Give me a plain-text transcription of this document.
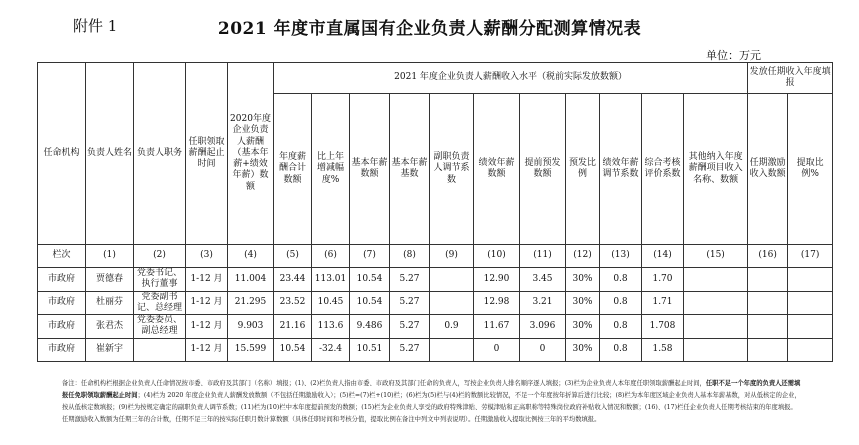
附件 1	2021 年度市直属国有企业负责人薪酬分配测算情况表
单位：万元
任命机构	负责人姓名	负责人职务	任职领取薪酬起止时间	2020年度企业负责人薪酬（基本年薪+绩效年薪）数额	2021 年度企业负责人薪酬收入水平（税前实际发放数额）											发放任期收入年度填报	
					年度薪酬合计数额	比上年增减幅度%	基本年薪数额	基本年薪基数	副职负责人调节系数	绩效年薪数额	提前预发数额	预发比例	绩效年薪调节系数	综合考核评价系数	其他纳入年度薪酬项目收入名称、数额	任期激励收入数额	提取比例%
栏次	(1)	(2)	(3)	(4)	(5)	(6)	(7)	(8)	(9)	(10)	(11)	(12)	(13)	(14)	(15)	(16)	(17)
市政府	贾德春	党委书记、执行董事	1-12 月	11.004	23.44	113.01	10.54	5.27		12.90	3.45	30%	0.8	1.70			
市政府	杜丽芬	党委副书记、总经理	1-12 月	21.295	23.52	10.45	10.54	5.27		12.98	3.21	30%	0.8	1.71			
市政府	张君杰	党委委员、副总经理	1-12 月	9.903	21.16	113.6	9.486	5.27	0.9	11.67	3.096	30%	0.8	1.708			
市政府	崔新宇		1-12 月	15.599	10.54	-32.4	10.51	5.27		0	0	30%	0.8	1.58			
备注：任命机构栏根据企业负责人任命情况按市委、市政府及其部门（名称）填报；(1)、(2)栏负责人指由市委、市政府及其部门任命的负责人，写按企业负责人排名顺序逐人填报；(3)栏为企业负责人本年度任职领取薪酬起止时间，任职不足一个年度的负责人还需填报任免职领取薪酬起止时间；(4)栏为 2020 年度企业负责人薪酬发放数额（不包括任期激励收入）；(5)栏=(7)栏+(10)栏；(6)栏为(5)栏与(4)栏的数额比较情况，不足一个年度按年折算后进行比较；(8)栏为本年度区域企业负责人基本年薪基数，对从低核定的企业，按从低核定数填报；(9)栏为按规定确定的副职负责人调节系数；(11)栏为(10)栏中本年度提前预发的数额；(15)栏为企业负责人享受的政府特殊津贴、劳模津贴和正高职称等特殊岗位政府补贴收入情况和数额；(16)、(17)栏任企业负责人任期考核结束的年度填报。任期激励收入数额为任期三年的合计数，任期不足三年的按实际任职月数计算数额（具体任职时间和考核分值，提取比例在备注中列文中列表说明）。任期激励收入提取比例按三年的平均数填报。
